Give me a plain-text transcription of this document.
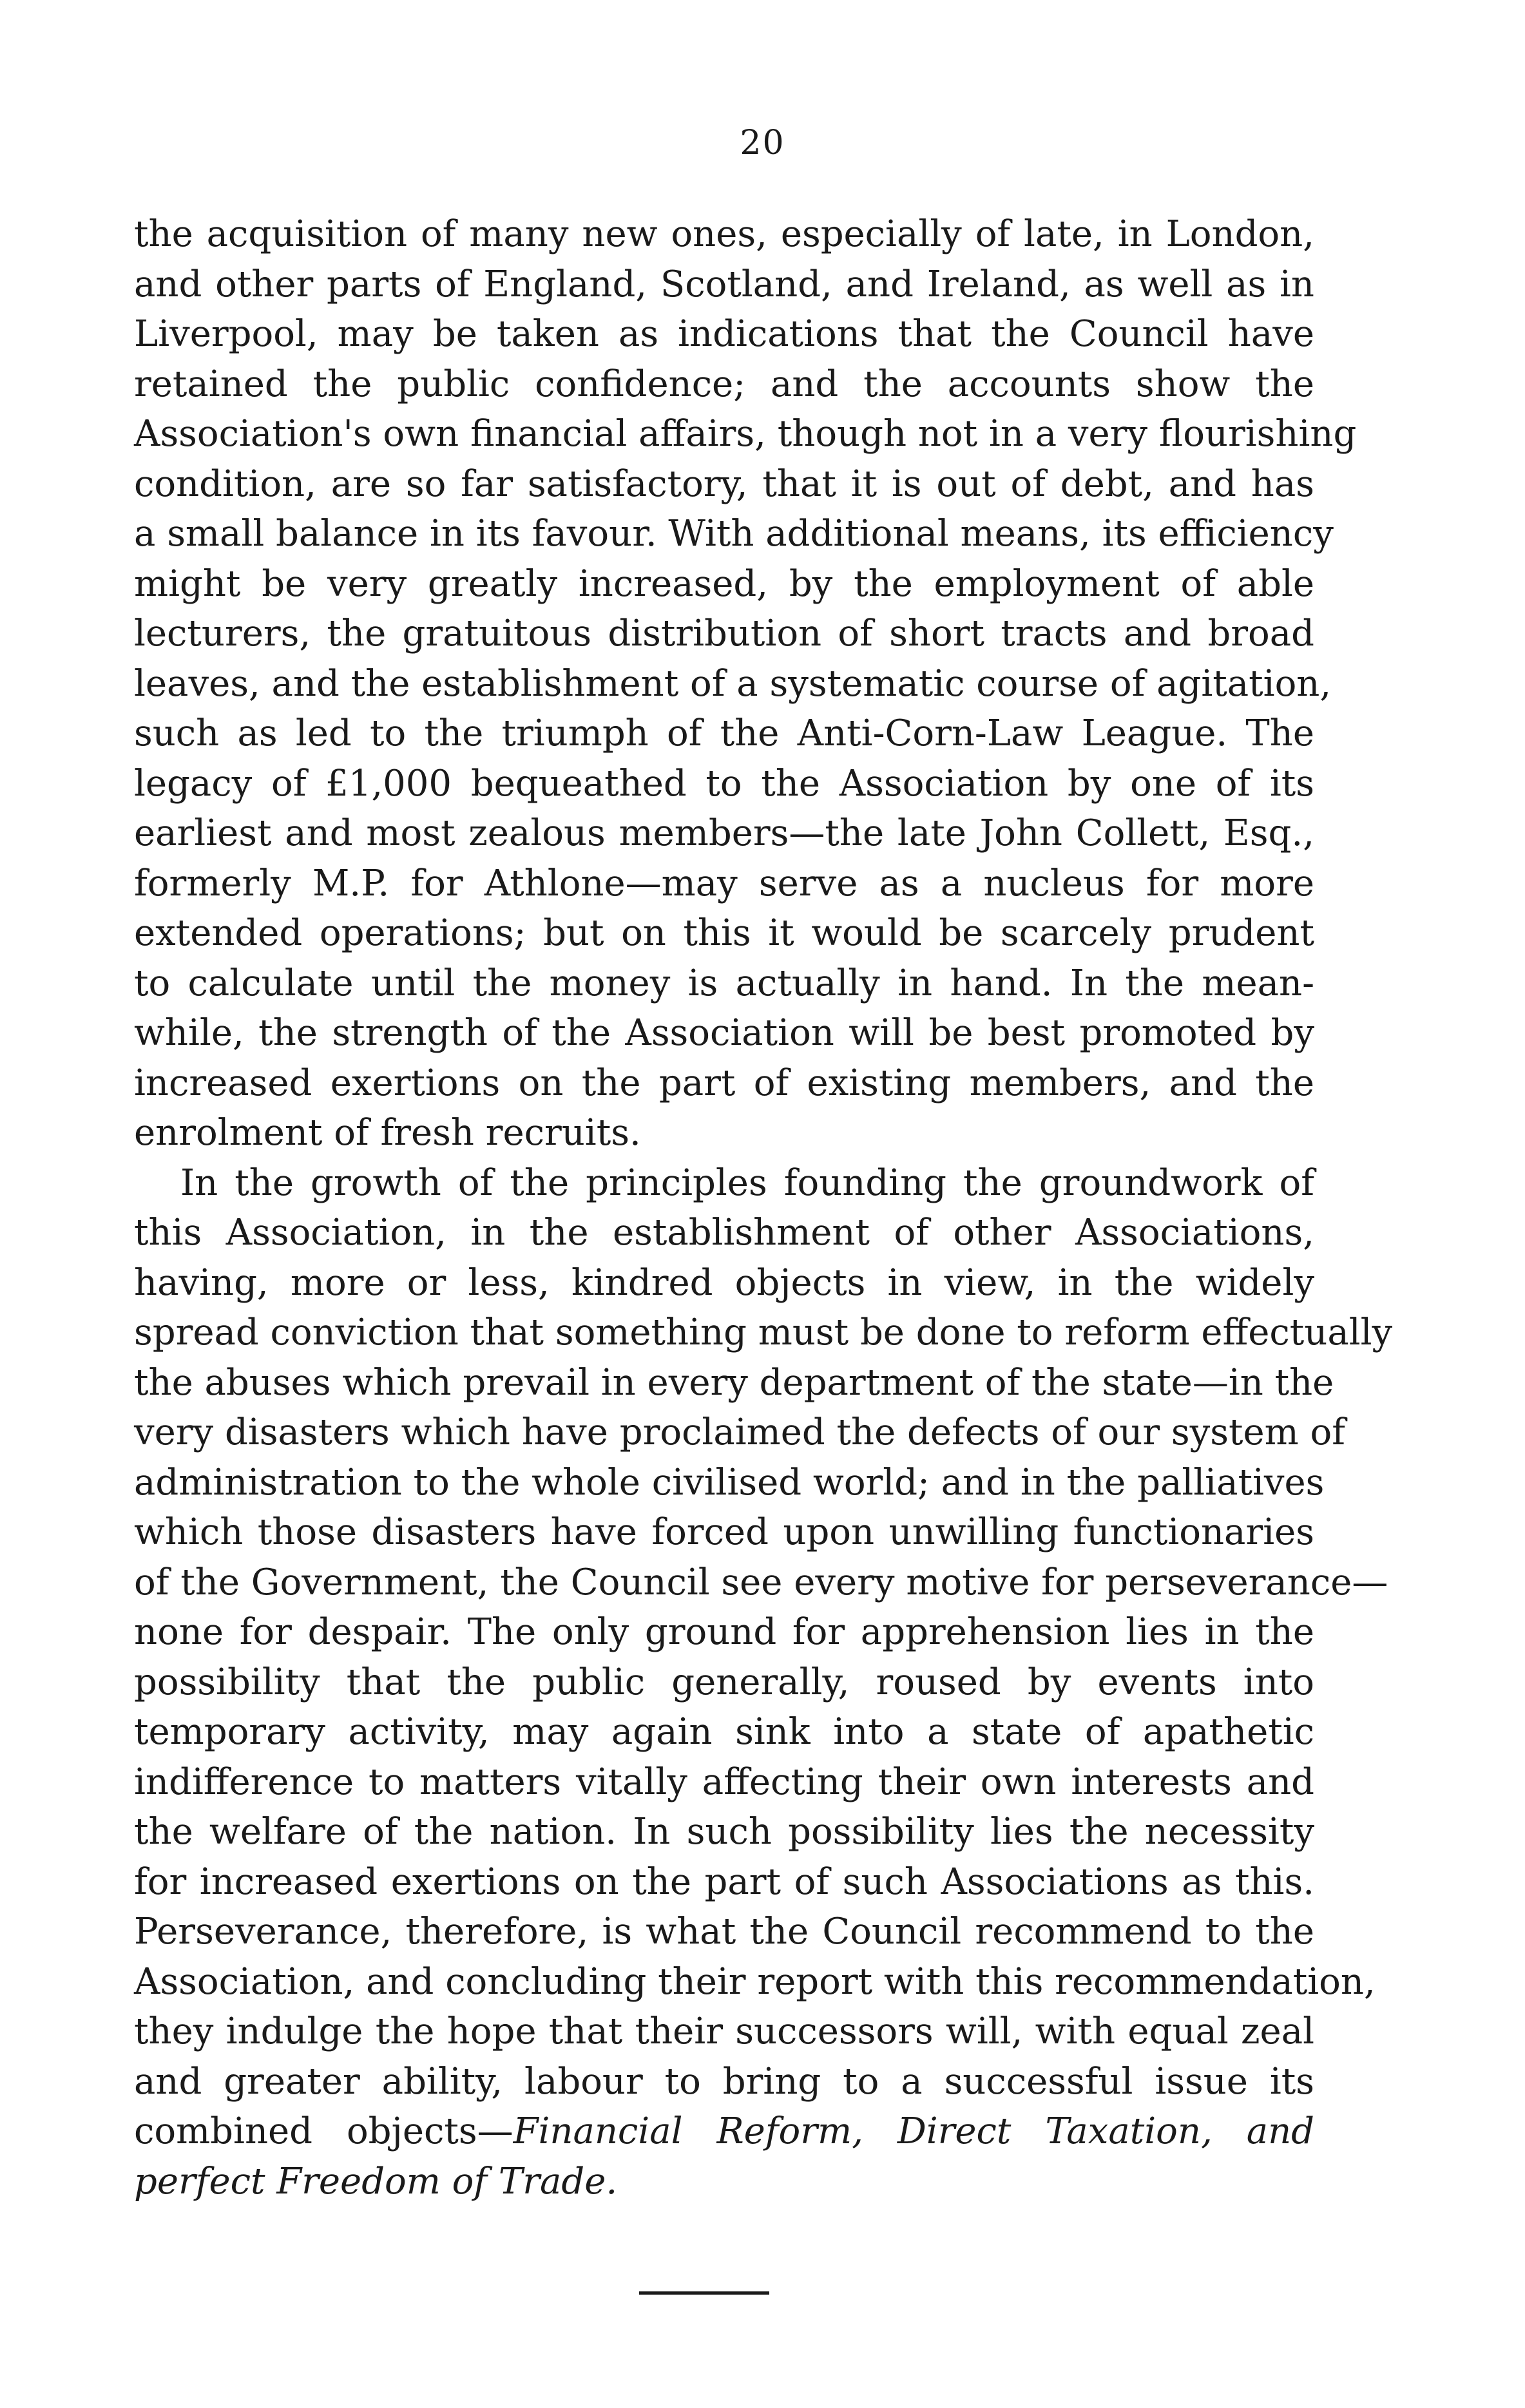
20
the acquisition of many new ones, especially of late, in London,
and other parts of England, Scotland, and Ireland, as well as in
Liverpool, may be taken as indications that the Council have
retained the public confidence; and the accounts show the
Association's own financial affairs, though not in a very flourishing
condition, are so far satisfactory, that it is out of debt, and has
a small balance in its favour. With additional means, its efficiency
might be very greatly increased, by the employment of able
lecturers, the gratuitous distribution of short tracts and broad
leaves, and the establishment of a systematic course of agitation,
such as led to the triumph of the Anti-Corn-Law League. The
legacy of £1,000 bequeathed to the Association by one of its
earliest and most zealous members—the late John Collett, Esq.,
formerly M.P. for Athlone—may serve as a nucleus for more
extended operations; but on this it would be scarcely prudent
to calculate until the money is actually in hand. In the mean-
while, the strength of the Association will be best promoted by
increased exertions on the part of existing members, and the
enrolment of fresh recruits.
In the growth of the principles founding the groundwork of
this Association, in the establishment of other Associations,
having, more or less, kindred objects in view, in the widely
spread conviction that something must be done to reform effectually
the abuses which prevail in every department of the state—in the
very disasters which have proclaimed the defects of our system of
administration to the whole civilised world; and in the palliatives
which those disasters have forced upon unwilling functionaries
of the Government, the Council see every motive for perseverance—
none for despair. The only ground for apprehension lies in the
possibility that the public generally, roused by events into
temporary activity, may again sink into a state of apathetic
indifference to matters vitally affecting their own interests and
the welfare of the nation. In such possibility lies the necessity
for increased exertions on the part of such Associations as this.
Perseverance, therefore, is what the Council recommend to the
Association, and concluding their report with this recommendation,
they indulge the hope that their successors will, with equal zeal
and greater ability, labour to bring to a successful issue its
combined objects—Financial Reform, Direct Taxation, and
perfect Freedom of Trade.
